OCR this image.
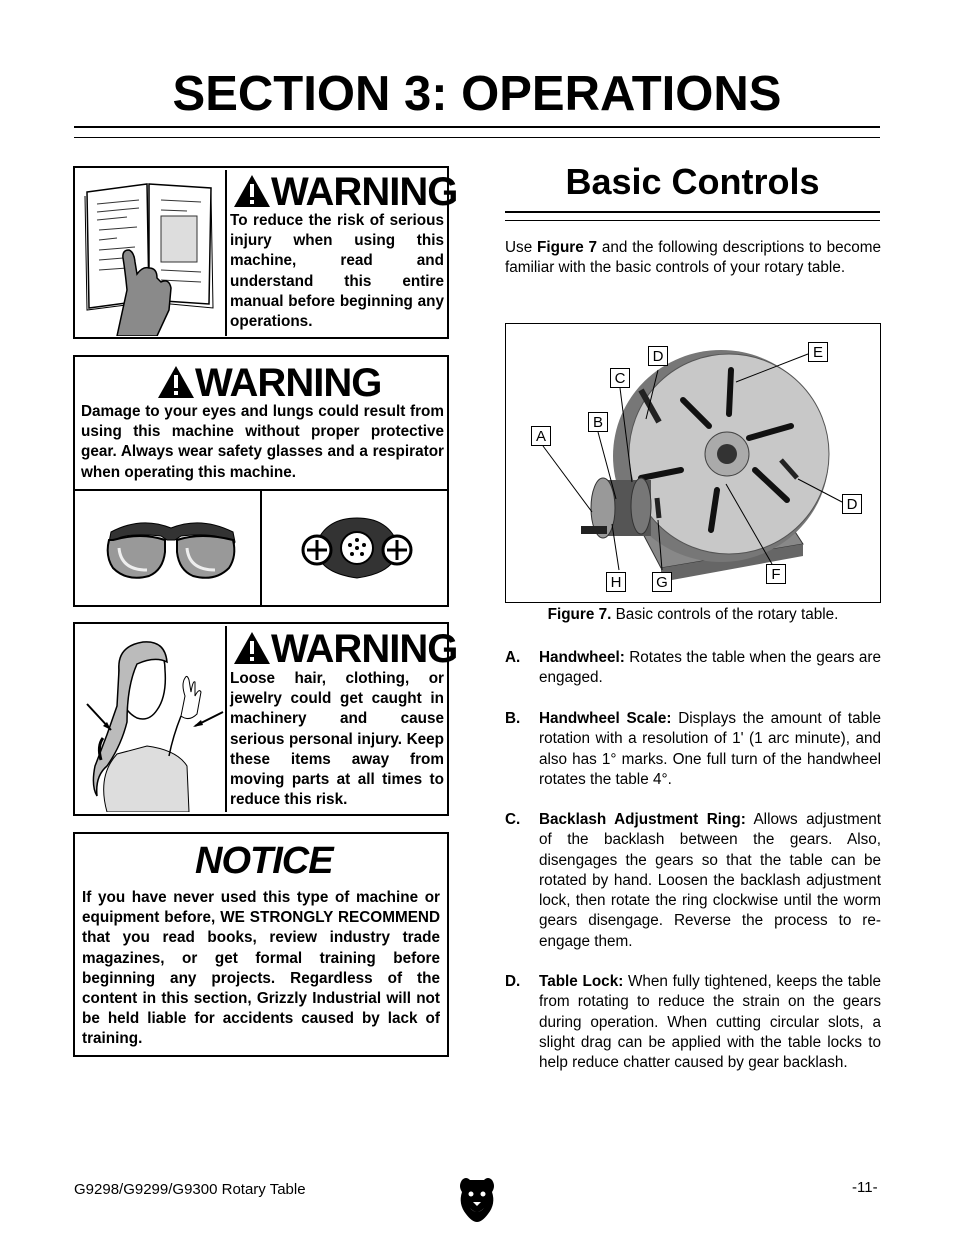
SECTION 3: OPERATIONS
WARNING
To reduce the risk of serious injury when using this machine, read and understand this entire manual before beginning any operations.
WARNING
Damage to your eyes and lungs could result from using this machine without proper protective gear. Always wear safety glasses and a respirator when operating this machine.
WARNING
Loose hair, clothing, or jewelry could get caught in machinery and cause serious personal injury. Keep these items away from moving parts at all times to reduce this risk.
NOTICE
If you have never used this type of machine or equipment before, WE STRONGLY RECOMMEND that you read books, review industry trade magazines, or get formal training before beginning any projects. Regardless of the content in this section, Grizzly Industrial will not be held liable for accidents caused by lack of training.
Basic Controls
Use Figure 7 and the following descriptions to become familiar with the basic controls of your rotary table.
A
B
C
D	E
D
F
H	G
Figure 7. Basic controls of the rotary table.
A. Handwheel: Rotates the table when the gears are engaged.
B. Handwheel Scale: Displays the amount of table rotation with a resolution of 1' (1 arc minute), and also has 1° marks. One full turn of the handwheel rotates the table 4°.
C. Backlash Adjustment Ring: Allows adjustment of the backlash between the gears. Also, disengages the gears so that the table can be rotated by hand. Loosen the backlash adjustment lock, then rotate the ring clockwise until the worm gears disengage. Reverse the process to re-engage them.
D. Table Lock: When fully tightened, keeps the table from rotating to reduce the strain on the gears during operation. When cutting circular slots, a slight drag can be applied with the table locks to help reduce chatter caused by gear backlash.
G9298/G9299/G9300 Rotary Table	-11-
